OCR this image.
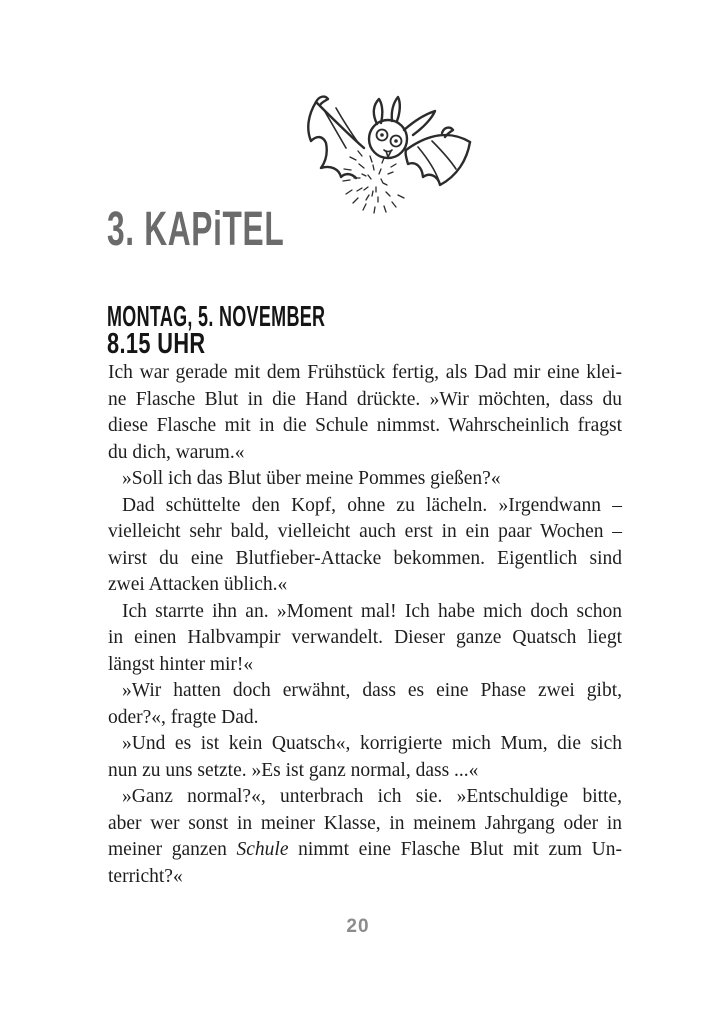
3. KAPiTEL
MONTAG, 5. NOVEMBER
8.15 UHR
Ich war gerade mit dem Frühstück fertig, als Dad mir eine klei-
ne Flasche Blut in die Hand drückte. »Wir möchten, dass du
diese Flasche mit in die Schule nimmst. Wahrscheinlich fragst
du dich, warum.«
»Soll ich das Blut über meine Pommes gießen?«
Dad schüttelte den Kopf, ohne zu lächeln. »Irgendwann –
vielleicht sehr bald, vielleicht auch erst in ein paar Wochen –
wirst du eine Blutfieber-Attacke bekommen. Eigentlich sind
zwei Attacken üblich.«
Ich starrte ihn an. »Moment mal! Ich habe mich doch schon
in einen Halbvampir verwandelt. Dieser ganze Quatsch liegt
längst hinter mir!«
»Wir hatten doch erwähnt, dass es eine Phase zwei gibt,
oder?«, fragte Dad.
»Und es ist kein Quatsch«, korrigierte mich Mum, die sich
nun zu uns setzte. »Es ist ganz normal, dass ...«
»Ganz normal?«, unterbrach ich sie. »Entschuldige bitte,
aber wer sonst in meiner Klasse, in meinem Jahrgang oder in
meiner ganzen Schule nimmt eine Flasche Blut mit zum Un-
terricht?«
20
